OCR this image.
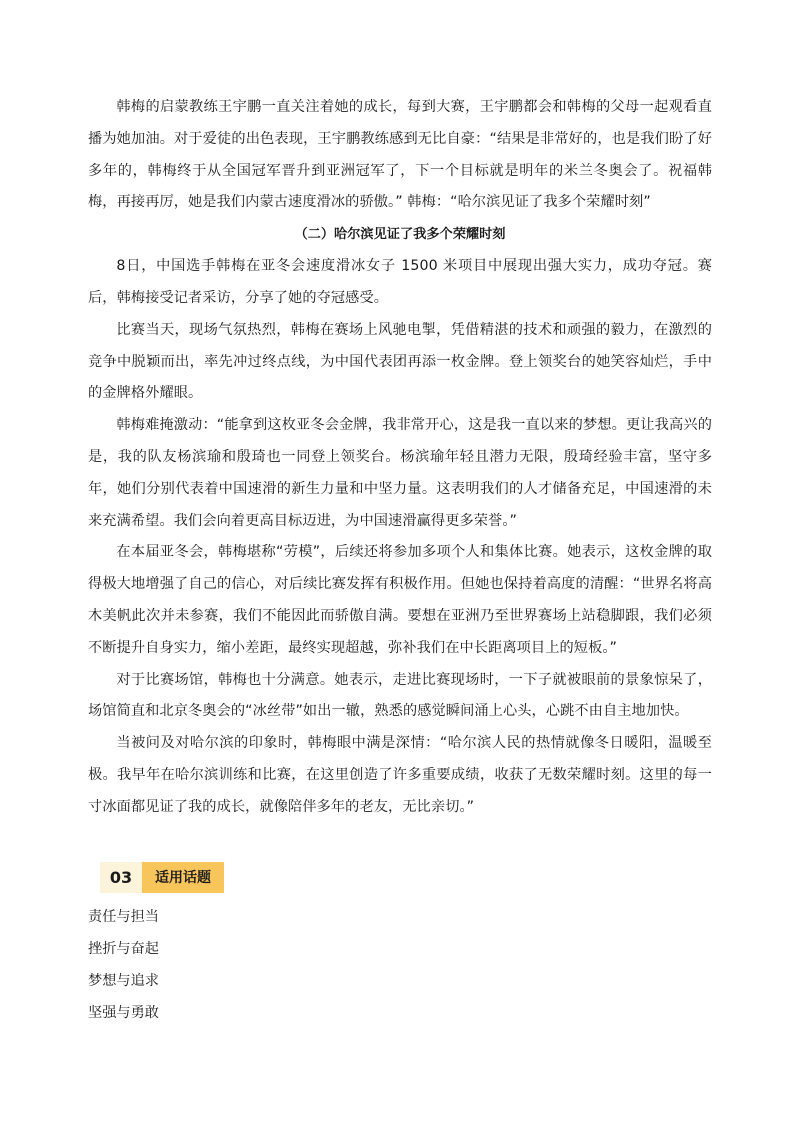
韩梅的启蒙教练王宇鹏一直关注着她的成长，每到大赛，王宇鹏都会和韩梅的父母一起观看直播为她加油。对于爱徒的出色表现，王宇鹏教练感到无比自豪：“结果是非常好的，也是我们盼了好多年的，韩梅终于从全国冠军晋升到亚洲冠军了，下一个目标就是明年的米兰冬奥会了。祝福韩梅，再接再厉，她是我们内蒙古速度滑冰的骄傲。” 韩梅：“哈尔滨见证了我多个荣耀时刻”

（二）哈尔滨见证了我多个荣耀时刻

8日，中国选手韩梅在亚冬会速度滑冰女子 1500 米项目中展现出强大实力，成功夺冠。赛后，韩梅接受记者采访，分享了她的夺冠感受。

比赛当天，现场气氛热烈，韩梅在赛场上风驰电掣，凭借精湛的技术和顽强的毅力，在激烈的竞争中脱颖而出，率先冲过终点线，为中国代表团再添一枚金牌。登上领奖台的她笑容灿烂，手中的金牌格外耀眼。

韩梅难掩激动：“能拿到这枚亚冬会金牌，我非常开心，这是我一直以来的梦想。更让我高兴的是，我的队友杨滨瑜和殷琦也一同登上领奖台。杨滨瑜年轻且潜力无限，殷琦经验丰富，坚守多年，她们分别代表着中国速滑的新生力量和中坚力量。这表明我们的人才储备充足，中国速滑的未来充满希望。我们会向着更高目标迈进，为中国速滑赢得更多荣誉。”

在本届亚冬会，韩梅堪称“劳模”，后续还将参加多项个人和集体比赛。她表示，这枚金牌的取得极大地增强了自己的信心，对后续比赛发挥有积极作用。但她也保持着高度的清醒：“世界名将高木美帆此次并未参赛，我们不能因此而骄傲自满。要想在亚洲乃至世界赛场上站稳脚跟，我们必须不断提升自身实力，缩小差距，最终实现超越，弥补我们在中长距离项目上的短板。”

对于比赛场馆，韩梅也十分满意。她表示，走进比赛现场时，一下子就被眼前的景象惊呆了，场馆简直和北京冬奥会的“冰丝带”如出一辙，熟悉的感觉瞬间涌上心头，心跳不由自主地加快。

当被问及对哈尔滨的印象时，韩梅眼中满是深情：“哈尔滨人民的热情就像冬日暖阳，温暖至极。我早年在哈尔滨训练和比赛，在这里创造了许多重要成绩，收获了无数荣耀时刻。这里的每一寸冰面都见证了我的成长，就像陪伴多年的老友，无比亲切。”

03	适用话题
责任与担当
挫折与奋起
梦想与追求
坚强与勇敢
